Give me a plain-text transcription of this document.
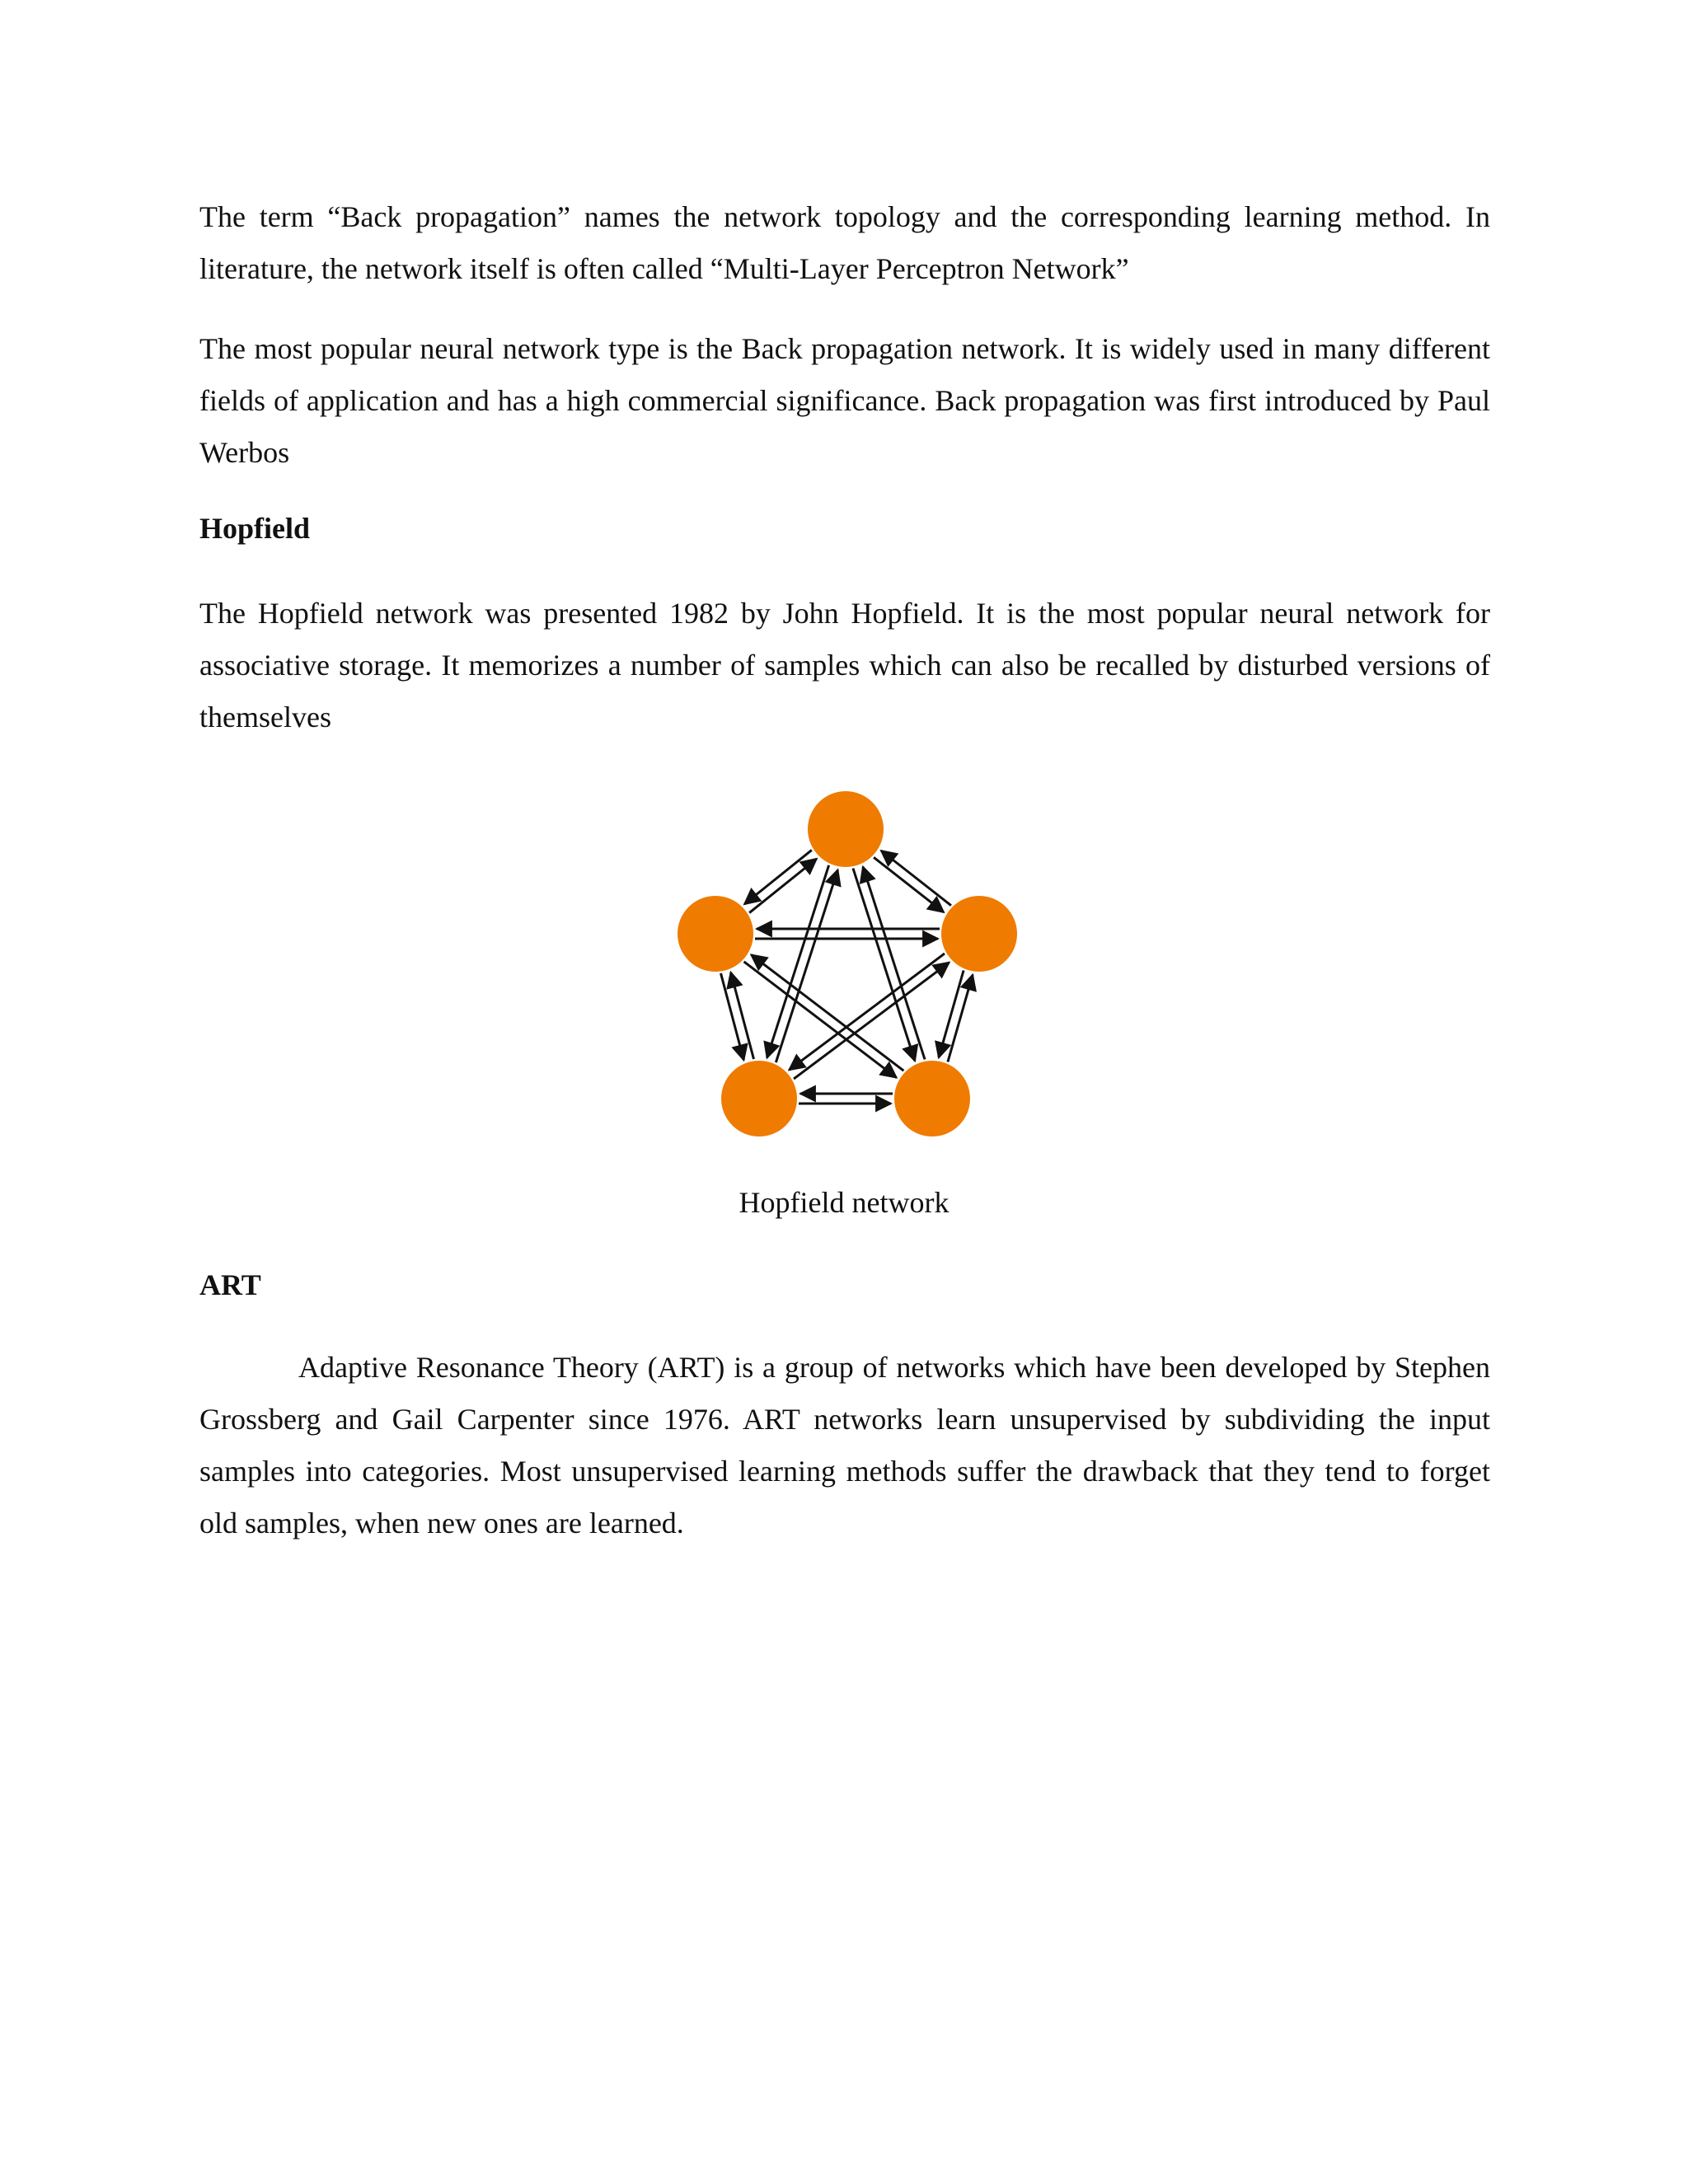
The term “Back propagation” names the network topology and the corresponding learning method. In literature, the network itself is often called “Multi-Layer Perceptron Network”

The most popular neural network type is the Back propagation network. It is widely used in many different fields of application and has a high commercial significance. Back propagation was first introduced by Paul Werbos

Hopfield

The Hopfield network was presented 1982 by John Hopfield. It is the most popular neural network for associative storage. It memorizes a number of samples which can also be recalled by disturbed versions of themselves

Hopfield network

ART

Adaptive Resonance Theory (ART) is a group of networks which have been developed by Stephen Grossberg and Gail Carpenter since 1976. ART networks learn unsupervised by subdividing the input samples into categories. Most unsupervised learning methods suffer the drawback that they tend to forget old samples, when new ones are learned.
